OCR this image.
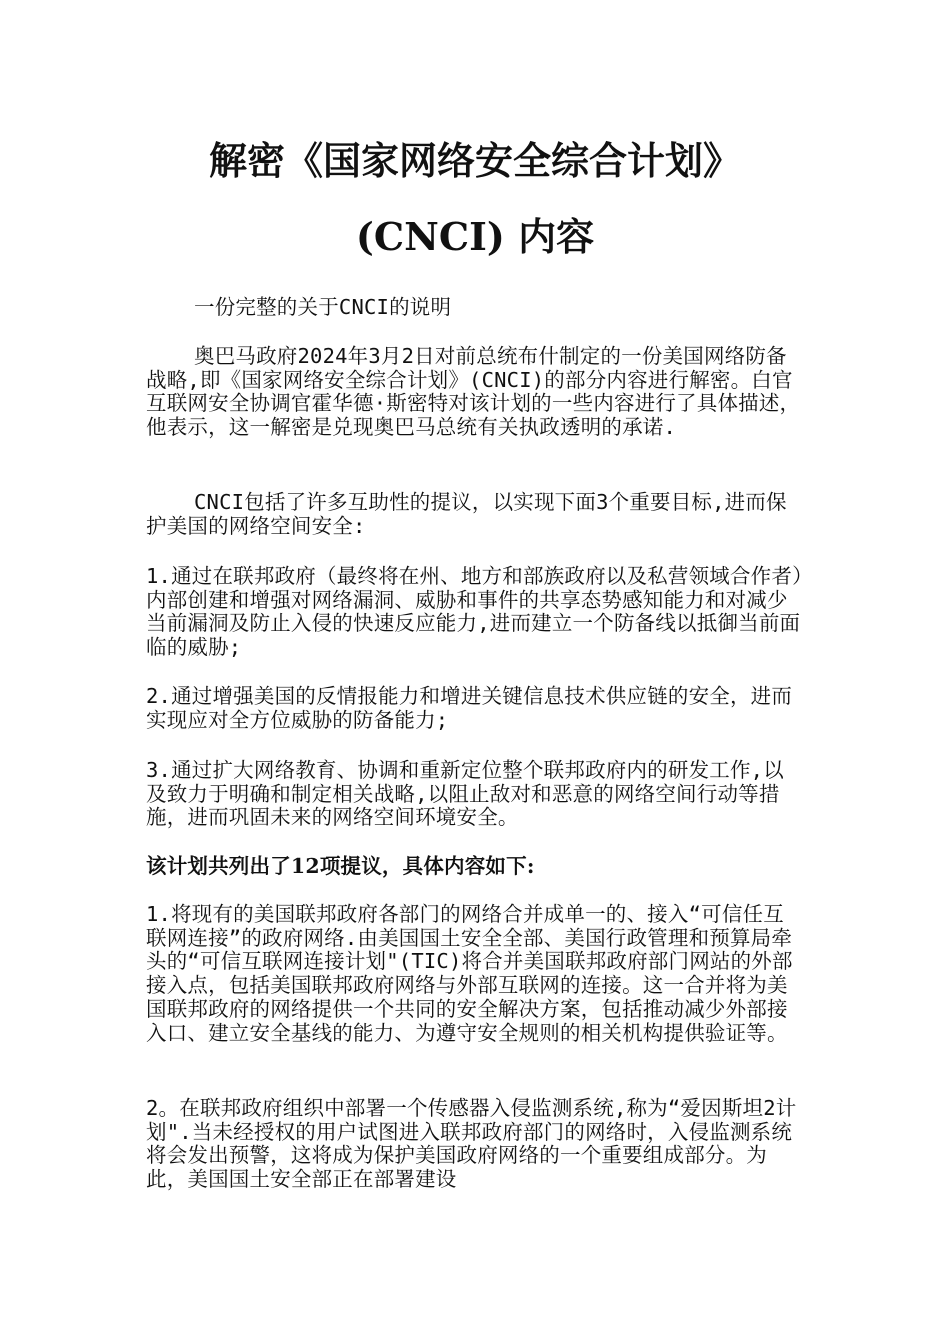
解密《国家网络安全综合计划》
(CNCI) 内容

一份完整的关于CNCI的说明

奥巴马政府2024年3月2日对前总统布什制定的一份美国网络防备战略,即《国家网络安全综合计划》(CNCI)的部分内容进行解密。白官互联网安全协调官霍华德·斯密特对该计划的一些内容进行了具体描述，他表示，这一解密是兑现奥巴马总统有关执政透明的承诺.

CNCI包括了许多互助性的提议，以实现下面3个重要目标,进而保护美国的网络空间安全:

1.通过在联邦政府（最终将在州、地方和部族政府以及私营领域合作者）内部创建和增强对网络漏洞、威胁和事件的共享态势感知能力和对减少当前漏洞及防止入侵的快速反应能力,进而建立一个防备线以抵御当前面临的威胁;

2.通过增强美国的反情报能力和增进关键信息技术供应链的安全，进而实现应对全方位威胁的防备能力;

3.通过扩大网络教育、协调和重新定位整个联邦政府内的研发工作,以及致力于明确和制定相关战略,以阻止敌对和恶意的网络空间行动等措施，进而巩固未来的网络空间环境安全。

该计划共列出了12项提议，具体内容如下:

1.将现有的美国联邦政府各部门的网络合并成单一的、接入“可信任互联网连接”的政府网络.由美国国土安全全部、美国行政管理和预算局牵头的“可信互联网连接计划"(TIC)将合并美国联邦政府部门网站的外部接入点，包括美国联邦政府网络与外部互联网的连接。这一合并将为美国联邦政府的网络提供一个共同的安全解决方案，包括推动减少外部接入口、建立安全基线的能力、为遵守安全规则的相关机构提供验证等。

2。在联邦政府组织中部署一个传感器入侵监测系统,称为“爱因斯坦2计划".当未经授权的用户试图进入联邦政府部门的网络时，入侵监测系统将会发出预警，这将成为保护美国政府网络的一个重要组成部分。为此，美国国土安全部正在部署建设
